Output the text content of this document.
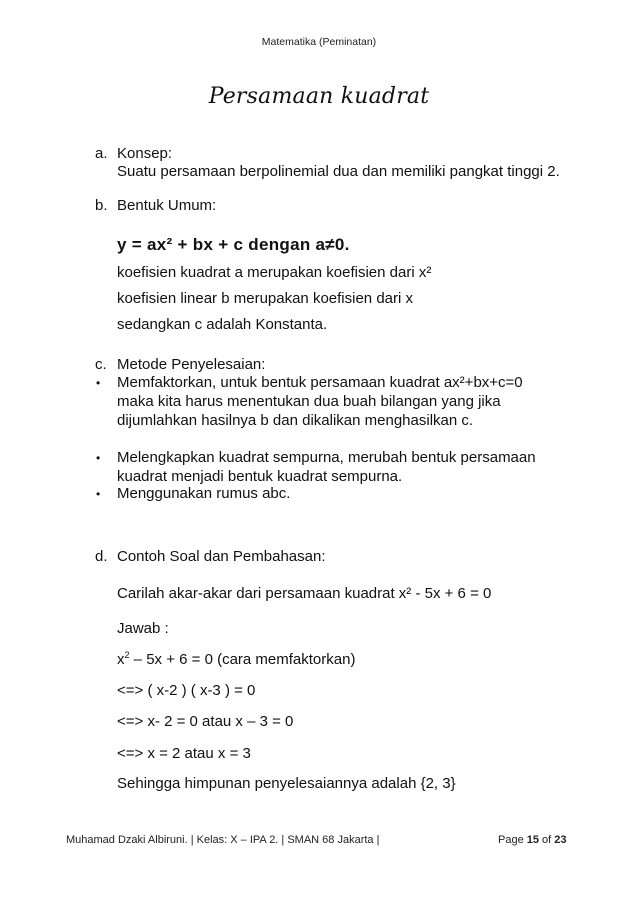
Matematika (Peminatan)
Persamaan kuadrat
a. Konsep:
Suatu persamaan berpolinemial dua dan memiliki pangkat tinggi 2.
b. Bentuk Umum:
y = ax² + bx + c dengan a≠0.
koefisien kuadrat a merupakan koefisien dari x²
koefisien linear b merupakan koefisien dari x
sedangkan c adalah Konstanta.
c. Metode Penyelesaian:
• Memfaktorkan, untuk bentuk persamaan kuadrat ax²+bx+c=0
maka kita harus menentukan dua buah bilangan yang jika
dijumlahkan hasilnya b dan dikalikan menghasilkan c.
• Melengkapkan kuadrat sempurna, merubah bentuk persamaan
kuadrat menjadi bentuk kuadrat sempurna.
• Menggunakan rumus abc.
d. Contoh Soal dan Pembahasan:
Carilah akar-akar dari persamaan kuadrat x² - 5x + 6 = 0
Jawab :
$x^2 - 5x + 6 = 0$ (cara memfaktorkan)
<=> ( x-2 ) ( x-3 ) = 0
<=> x- 2 = 0 atau x – 3 = 0
<=> x = 2 atau x = 3
Sehingga himpunan penyelesaiannya adalah {2, 3}
Muhamad Dzaki Albiruni. | Kelas: X – IPA 2. | SMAN 68 Jakarta |	Page 15 of 23
